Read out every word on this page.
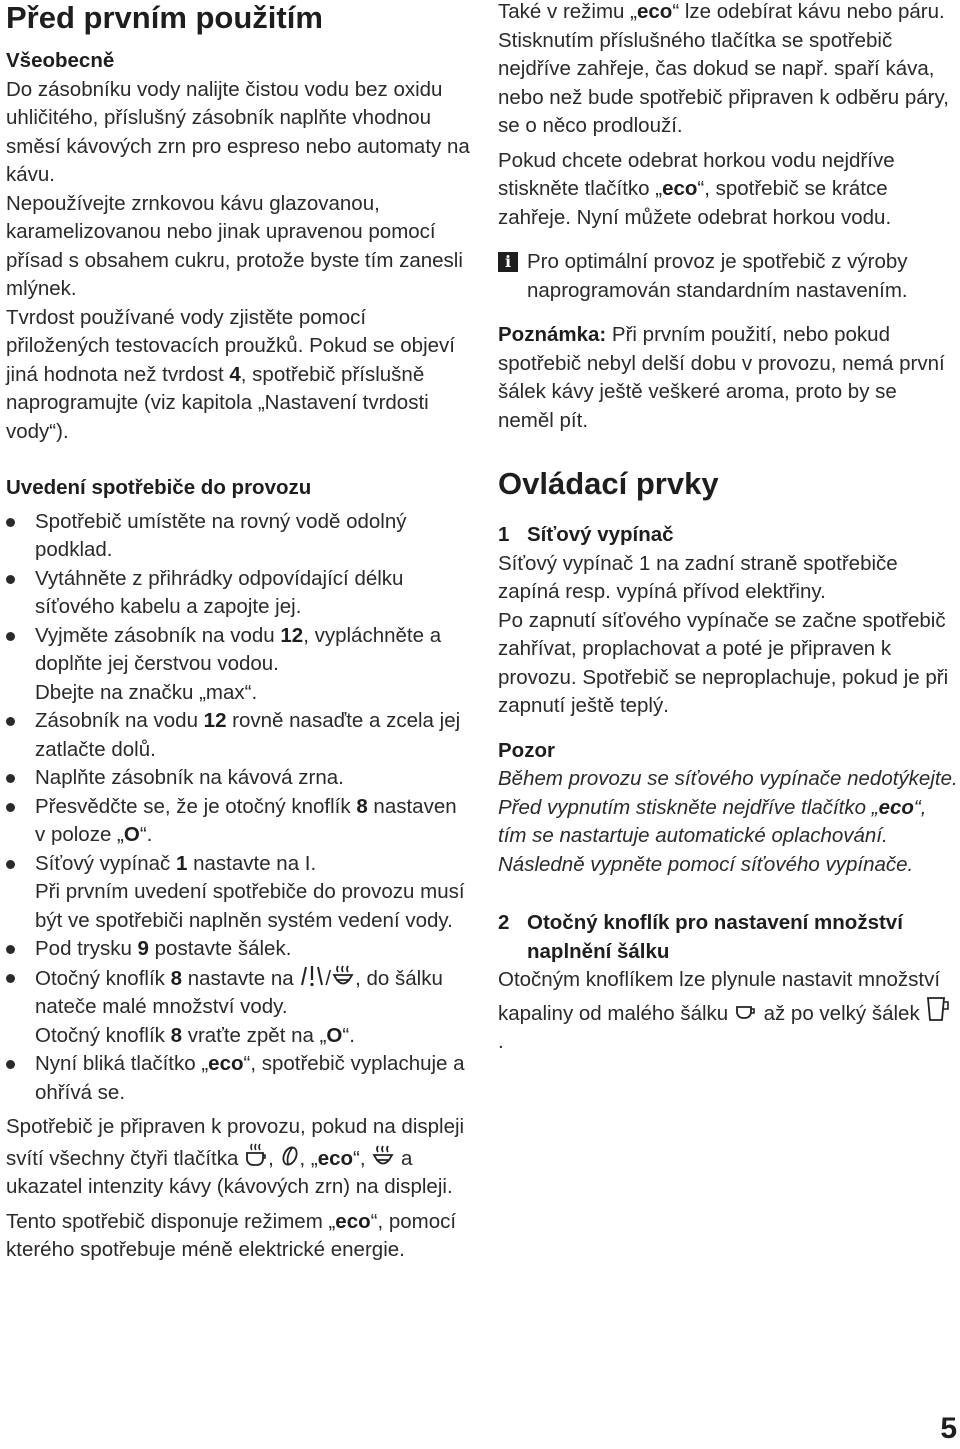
Před prvním použitím
Všeobecně

Do zásobníku vody nalijte čistou vodu bez oxidu uhličitého, příslušný zásobník naplňte vhodnou směsí kávových zrn pro espreso nebo automaty na kávu.

Nepoužívejte zrnkovou kávu glazovanou, karamelizovanou nebo jinak upravenou pomocí přísad s obsahem cukru, protože byste tím zanesli mlýnek.

Tvrdost používané vody zjistěte pomocí přiložených testovacích proužků. Pokud se objeví jiná hodnota než tvrdost 4, spotřebič příslušně naprogramujte (viz kapitola „Nastavení tvrdosti vody“).

Uvedení spotřebiče do provozu
Spotřebič umístěte na rovný vodě odolný podklad.
Vytáhněte z přihrádky odpovídající délku síťového kabelu a zapojte jej.
Vyjměte zásobník na vodu 12, vypláchněte a doplňte jej čerstvou vodou.
Dbejte na značku „max“.
Zásobník na vodu 12 rovně nasaďte a zcela jej zatlačte dolů.
Naplňte zásobník na kávová zrna.
Přesvědčte se, že je otočný knoflík 8 nastaven v poloze „O“.
Síťový vypínač 1 nastavte na I.
Při prvním uvedení spotřebiče do provozu musí být ve spotřebiči naplněn systém vedení vody.
Pod trysku 9 postavte šálek.
Otočný knoflík 8 nastavte na / , do šálku nateče malé množství vody.
Otočný knoflík 8 vraťte zpět na „O“.
Nyní bliká tlačítko „eco“, spotřebič vyplachuje a ohřívá se.

Spotřebič je připraven k provozu, pokud na displeji svítí všechny čtyři tlačítka , , „eco“,  a ukazatel intenzity kávy (kávových zrn) na displeji.

Tento spotřebič disponuje režimem „eco“, pomocí kterého spotřebuje méně elektrické energie.

Také v režimu „eco“ lze odebírat kávu nebo páru. Stisknutím příslušného tlačítka se spotřebič nejdříve zahřeje, čas dokud se např. spaří káva, nebo než bude spotřebič připraven k odběru páry, se o něco prodlouží.

Pokud chcete odebrat horkou vodu nejdříve stiskněte tlačítko „eco“, spotřebič se krátce zahřeje. Nyní můžete odebrat horkou vodu.

i Pro optimální provoz je spotřebič z výroby naprogramován standardním nastavením.

Poznámka: Při prvním použití, nebo pokud spotřebič nebyl delší dobu v provozu, nemá první šálek kávy ještě veškeré aroma, proto by se neměl pít.

Ovládací prvky
1 Síťový vypínač

Síťový vypínač 1 na zadní straně spotřebiče zapíná resp. vypíná přívod elektřiny.

Po zapnutí síťového vypínače se začne spotřebič zahřívat, proplachovat a poté je připraven k provozu. Spotřebič se neproplachuje, pokud je při zapnutí ještě teplý.

Pozor

Během provozu se síťového vypínače nedotýkejte.

Před vypnutím stiskněte nejdříve tlačítko „eco“, tím se nastartuje automatické oplachování. Následně vypněte pomocí síťového vypínače.

2 Otočný knoflík pro nastavení množství naplnění šálku

Otočným knoflíkem lze plynule nastavit množství kapaliny od malého šálku  až po velký šálek .

5
